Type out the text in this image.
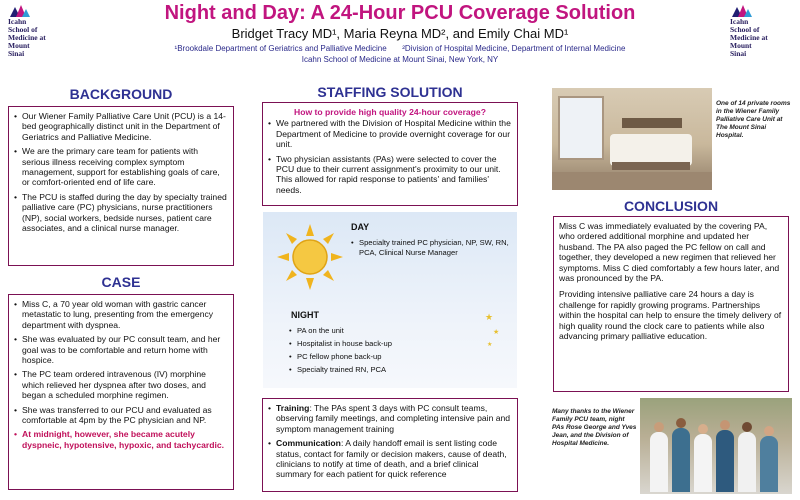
Icahn
School of
Medicine at
Mount
Sinai
Icahn
School of
Medicine at
Mount
Sinai
Night and Day: A 24-Hour PCU Coverage Solution
Bridget Tracy MD¹, Maria Reyna MD², and Emily Chai MD¹
¹Brookdale Department of Geriatrics and Palliative Medicine ²Division of Hospital Medicine, Department of Internal Medicine
Icahn School of Medicine at Mount Sinai, New York, NY
BACKGROUND
• Our Wiener Family Palliative Care Unit (PCU) is a 14-bed geographically distinct unit in the Department of Geriatrics and Palliative Medicine.
• We are the primary care team for patients with serious illness receiving complex symptom management, support for establishing goals of care, or comfort-oriented end of life care.
• The PCU is staffed during the day by specialty trained palliative care (PC) physicians, nurse practitioners (NP), social workers, bedside nurses, patient care associates, and a clinical nurse manager.
CASE
• Miss C, a 70 year old woman with gastric cancer metastatic to lung, presenting from the emergency department with dyspnea.
• She was evaluated by our PC consult team, and her goal was to be comfortable and return home with hospice.
• The PC team ordered intravenous (IV) morphine which relieved her dyspnea after two doses, and began a scheduled morphine regimen.
• She was transferred to our PCU and evaluated as comfortable at 4pm by the PC physician and NP.
• At midnight, however, she became acutely dyspneic, hypotensive, hypoxic, and tachycardic.
STAFFING SOLUTION
How to provide high quality 24-hour coverage?
• We partnered with the Division of Hospital Medicine within the Department of Medicine to provide overnight coverage for our unit.
• Two physician assistants (PAs) were selected to cover the PCU due to their current assignment's proximity to our unit. This allowed for rapid response to patients' and families' needs.
DAY
• Specialty trained PC physician, NP, SW, RN, PCA, Clinical Nurse Manager
NIGHT
• PA on the unit
• Hospitalist in house back-up
• PC fellow phone back-up
• Specialty trained RN, PCA
★
★
★
• Training: The PAs spent 3 days with PC consult teams, observing family meetings, and completing intensive pain and symptom management training
• Communication: A daily handoff email is sent listing code status, contact for family or decision makers, cause of death, clinicians to notify at time of death, and a brief clinical summary for each patient for quick reference
One of 14 private rooms in the Wiener Family Palliative Care Unit at The Mount Sinai Hospital.
CONCLUSION

Miss C was immediately evaluated by the covering PA, who ordered additional morphine and updated her husband. The PA also paged the PC fellow on call and together, they developed a new regimen that relieved her symptoms. Miss C died comfortably a few hours later, and was pronounced by the PA.

Providing intensive palliative care 24 hours a day is challenge for rapidly growing programs. Partnerships within the hospital can help to ensure the timely delivery of high quality round the clock care to patients while also advancing primary palliative education.

Many thanks to the Wiener Family PCU team, night PAs Rose George and Yves Jean, and the Division of Hospital Medicine.
